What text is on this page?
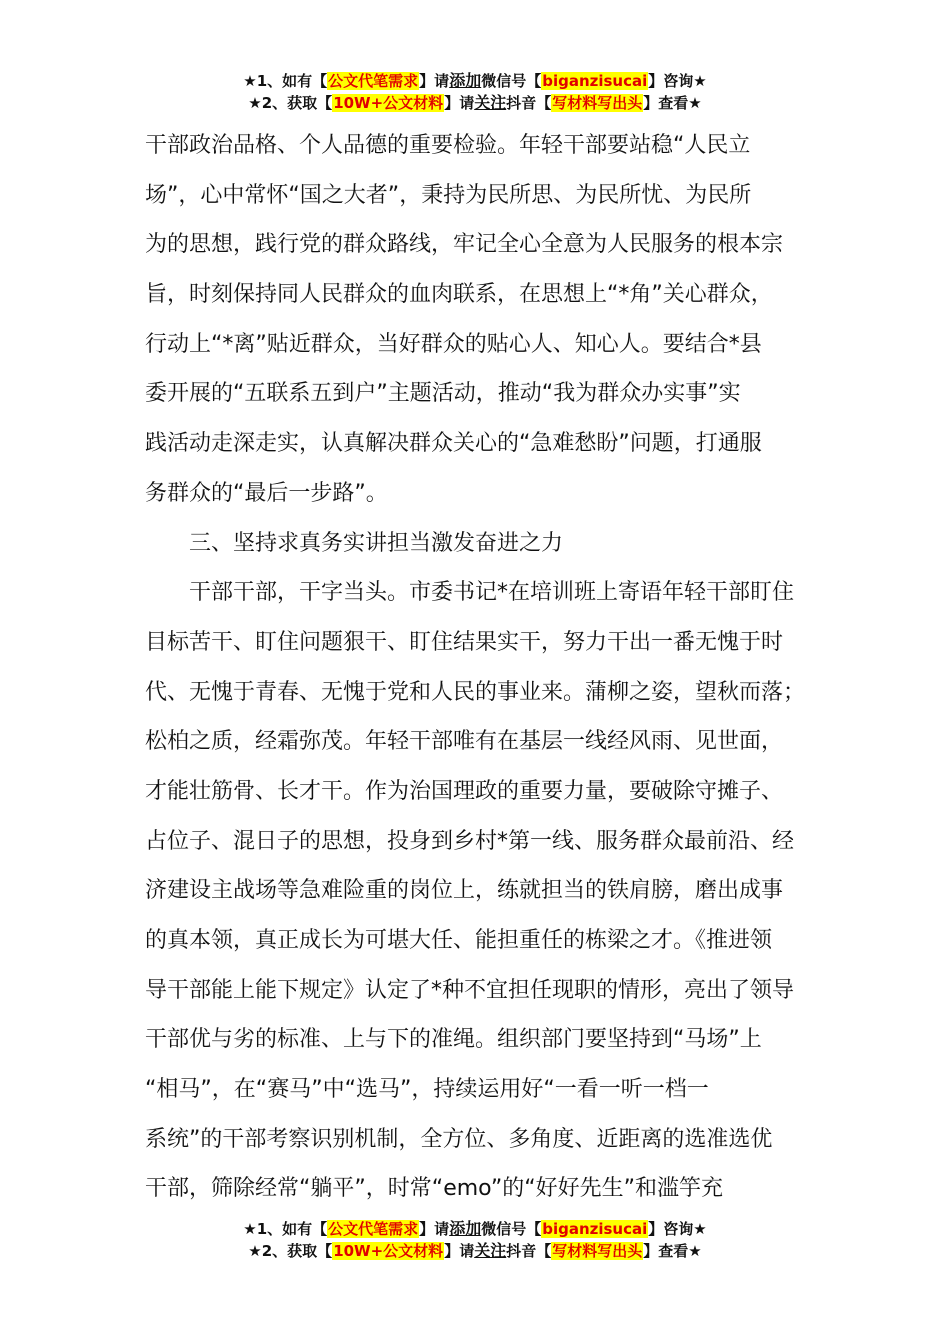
★1、如有【公文代笔需求】请添加微信号【biganzisucai】咨询★
★2、获取【10W+公文材料】请关注抖音【写材料写出头】查看★
干部政治品格、个人品德的重要检验。年轻干部要站稳“人民立
场”，心中常怀“国之大者”，秉持为民所思、为民所忧、为民所
为的思想，践行党的群众路线，牢记全心全意为人民服务的根本宗
旨，时刻保持同人民群众的血肉联系，在思想上“*角”关心群众，
行动上“*离”贴近群众，当好群众的贴心人、知心人。要结合*县
委开展的“五联系五到户”主题活动，推动“我为群众办实事”实
践活动走深走实，认真解决群众关心的“急难愁盼”问题，打通服
务群众的“最后一步路”。
三、坚持求真务实讲担当激发奋进之力
干部干部，干字当头。市委书记*在培训班上寄语年轻干部盯住
目标苦干、盯住问题狠干、盯住结果实干，努力干出一番无愧于时
代、无愧于青春、无愧于党和人民的事业来。蒲柳之姿，望秋而落；
松柏之质，经霜弥茂。年轻干部唯有在基层一线经风雨、见世面，
才能壮筋骨、长才干。作为治国理政的重要力量，要破除守摊子、
占位子、混日子的思想，投身到乡村*第一线、服务群众最前沿、经
济建设主战场等急难险重的岗位上，练就担当的铁肩膀，磨出成事
的真本领，真正成长为可堪大任、能担重任的栋梁之才。《推进领
导干部能上能下规定》认定了*种不宜担任现职的情形，亮出了领导
干部优与劣的标准、上与下的准绳。组织部门要坚持到“马场”上
“相马”，在“赛马”中“选马”，持续运用好“一看一听一档一
系统”的干部考察识别机制，全方位、多角度、近距离的选准选优
干部，筛除经常“躺平”，时常“emo”的“好好先生”和滥竽充
★1、如有【公文代笔需求】请添加微信号【biganzisucai】咨询★
★2、获取【10W+公文材料】请关注抖音【写材料写出头】查看★
